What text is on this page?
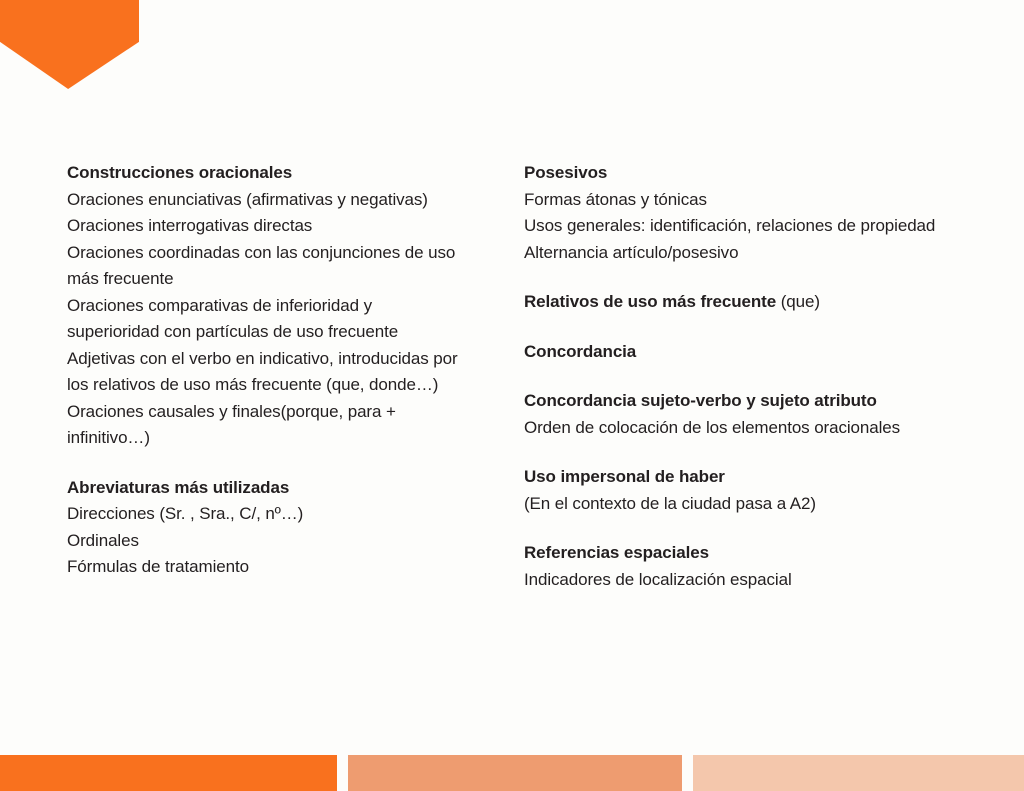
Construcciones oracionales
Oraciones enunciativas (afirmativas y negativas)
Oraciones interrogativas directas
Oraciones coordinadas con las conjunciones de uso más frecuente
Oraciones comparativas de inferioridad y superioridad con partículas de uso frecuente
Adjetivas con el verbo en indicativo, introducidas por los relativos de uso más frecuente (que, donde…)
Oraciones causales y finales(porque, para + infinitivo…)
Abreviaturas más utilizadas
Direcciones (Sr. , Sra., C/, nº…)
Ordinales
Fórmulas de tratamiento
Posesivos
Formas átonas y tónicas
Usos generales: identificación, relaciones de propiedad
Alternancia artículo/posesivo
Relativos de uso más frecuente (que)
Concordancia
Concordancia sujeto-verbo y sujeto atributo
Orden de colocación de los elementos oracionales
Uso impersonal de haber
(En el contexto de la ciudad pasa a A2)
Referencias espaciales
Indicadores de localización espacial
